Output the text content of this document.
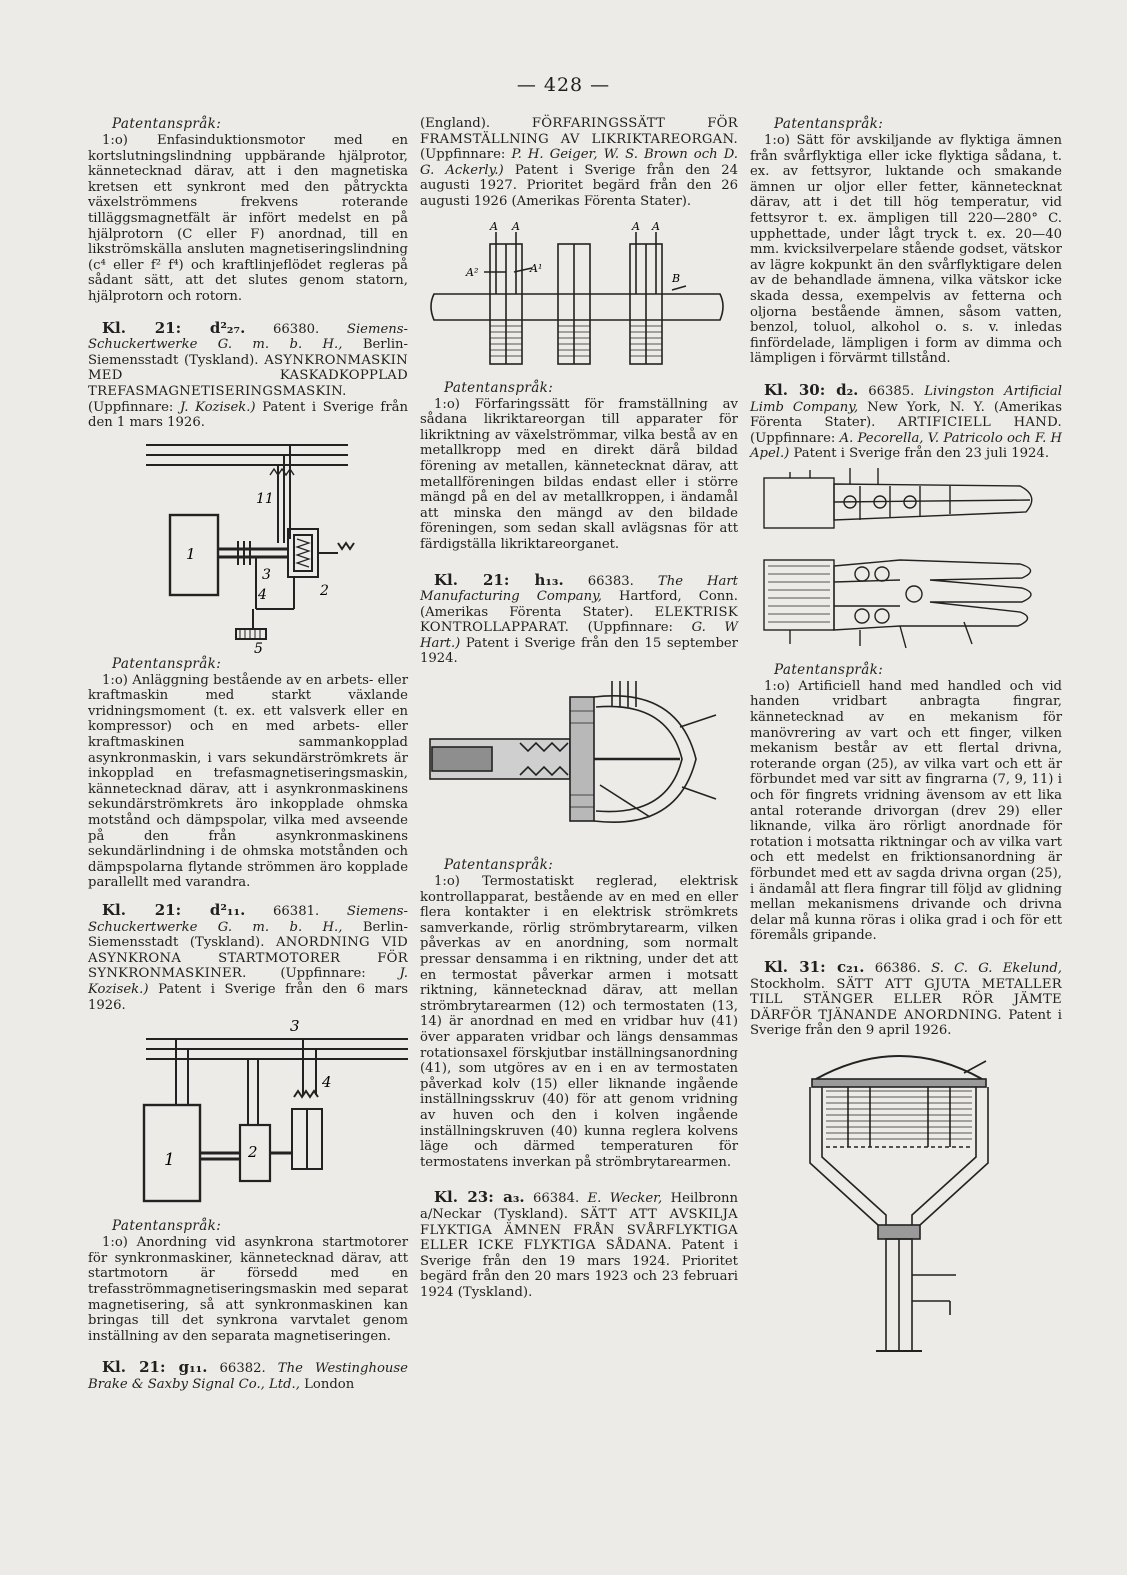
— 428 —
Patentanspråk:

1:o) Enfasinduktionsmotor med en kortslutningslindning uppbärande hjälprotor, kännetecknad därav, att i den magnetiska kretsen ett synkront med den påtryckta växelströmmens frekvens roterande tilläggsmagnetfält är infört medelst en på hjälprotorn (C eller F) anordnad, till en likströmskälla ansluten magnetiseringslindning (c⁴ eller f² f⁴) och kraftlinjeflödet regleras på sådant sätt, att det slutes genom statorn, hjälprotorn och rotorn.

Kl. 21: d²₂₇. 66380. Siemens-Schuckertwerke G. m. b. H., Berlin-Siemensstadt (Tyskland). ASYNKRONMASKIN MED KASKADKOPPLAD TREFASMAGNETISERINGSMASKIN. (Uppfinnare: J. Kozisek.) Patent i Sverige från den 1 mars 1926.

1
2
3
4
5
11
Patentanspråk:

1:o) Anläggning bestående av en arbets- eller kraftmaskin med starkt växlande vridningsmoment (t. ex. ett valsverk eller en kompressor) och en med arbets- eller kraftmaskinen sammankopplad asynkronmaskin, i vars sekundärströmkrets är inkopplad en trefasmagnetiseringsmaskin, kännetecknad därav, att i asynkronmaskinens sekundärströmkrets äro inkopplade ohmska motstånd och dämpspolar, vilka med avseende på den från asynkronmaskinens sekundärlindning i de ohmska motstånden och dämpspolarna flytande strömmen äro kopplade parallellt med varandra.

Kl. 21: d²₁₁. 66381. Siemens-Schuckertwerke G. m. b. H., Berlin-Siemensstadt (Tyskland). ANORDNING VID ASYNKRONA STARTMOTORER FÖR SYNKRONMASKINER.	(Uppfinnare:	J. Kozisek.) Patent i Sverige från den 6 mars 1926.

1	2
3
4
Patentanspråk:

1:o) Anordning vid asynkrona startmotorer för synkronmaskiner, kännetecknad därav, att startmotorn är försedd med en trefasströmmagnetiseringsmaskin med separat magnetisering, så att synkronmaskinen kan bringas till det synkrona varvtalet genom inställning av den separata magnetiseringen.

Kl. 21: g₁₁. 66382. The Westinghouse Brake & Saxby Signal Co., Ltd., London

(England).	FÖRFARINGSSÄTT FÖR FRAMSTÄLLNING AV LIKRIKTAREORGAN. (Uppfinnare: P. H. Geiger, W. S. Brown och D. G. Ackerly.) Patent i Sverige från den 24 augusti 1927. Prioritet begärd från den 26 augusti 1926 (Amerikas Förenta Stater).

A A	A A
A²	A¹
B
Patentanspråk:

1:o) Förfaringssätt för framställning av sådana likriktareorgan till apparater för likriktning av växelströmmar, vilka bestå av en metallkropp med en direkt därå bildad förening av metallen, kännetecknat därav, att metallföreningen bildas endast eller i större mängd på en del av metallkroppen, i ändamål att minska den mängd av den bildade föreningen, som sedan skall avlägsnas för att färdigställa likriktareorganet.

Kl. 21: h₁₃. 66383. The Hart Manufacturing Company, Hartford, Conn. (Amerikas Förenta Stater). ELEKTRISK KONTROLLAPPARAT. (Uppfinnare: G. W Hart.) Patent i Sverige från den 15 september 1924.

Patentanspråk:

1:o) Termostatiskt reglerad, elektrisk kontrollapparat, bestående av en med en eller flera kontakter i en elektrisk strömkrets samverkande, rörlig strömbrytarearm, vilken påverkas av en anordning, som normalt pressar densamma i en riktning, under det att en termostat påverkar armen i motsatt riktning, kännetecknad därav, att mellan strömbrytarearmen (12) och termostaten (13, 14) är anordnad en med en vridbar huv (41) över apparaten vridbar och längs densammas rotationsaxel förskjutbar inställningsanordning (41), som utgöres av en i en av termostaten påverkad kolv (15) eller liknande ingående inställningsskruv (40) för att genom vridning av huven och den i kolven ingående inställningskruven (40) kunna reglera kolvens läge och därmed temperaturen för termostatens inverkan på strömbrytarearmen.

Kl. 23: a₃. 66384. E. Wecker, Heilbronn a/Neckar (Tyskland). SÄTT ATT AVSKILJA FLYKTIGA ÄMNEN FRÅN SVÅRFLYKTIGA ELLER ICKE FLYKTIGA SÅDANA. Patent i Sverige från den 19 mars 1924. Prioritet begärd från den 20 mars 1923 och 23 februari 1924 (Tyskland).

Patentanspråk:

1:o) Sätt för avskiljande av flyktiga ämnen från svårflyktiga eller icke flyktiga sådana, t. ex. av fettsyror, luktande och smakande ämnen ur oljor eller fetter, kännetecknat därav, att i det till hög temperatur, vid fettsyror t. ex. ämpligen till 220—280° C. upphettade, under lågt tryck t. ex. 20—40 mm. kvicksilverpelare stående godset, vätskor av lägre kokpunkt än den svårflyktigare delen av de behandlade ämnena, vilka vätskor icke skada dessa, exempelvis av fetterna och oljorna bestående ämnen, såsom vatten, benzol, toluol, alkohol o. s. v. inledas finfördelade, lämpligen i form av dimma och lämpligen i förvärmt tillstånd.

Kl. 30: d₂. 66385. Livingston Artificial Limb Company, New York, N. Y. (Amerikas Förenta Stater). ARTIFICIELL HAND. (Uppfinnare: A. Pecorella, V. Patricolo och F. H Apel.) Patent i Sverige från den 23 juli 1924.

Patentanspråk:

1:o) Artificiell hand med handled och vid handen vridbart anbragta fingrar, kännetecknad av en mekanism för manövrering av vart och ett finger, vilken mekanism består av ett flertal drivna, roterande organ (25), av vilka vart och ett är förbundet med var sitt av fingrarna (7, 9, 11) i och för fingrets vridning ävensom av ett lika antal roterande drivorgan (drev 29) eller liknande, vilka äro rörligt anordnade för rotation i motsatta riktningar och av vilka vart och ett medelst en friktionsanordning är förbundet med ett av sagda drivna organ (25), i ändamål att flera fingrar till följd av glidning mellan mekanismens drivande och drivna delar må kunna röras i olika grad i och för ett föremåls gripande.

Kl. 31: c₂₁. 66386. S. C. G. Ekelund, Stockholm. SÄTT ATT GJUTA METALLER TILL STÄNGER ELLER RÖR JÄMTE DÄRFÖR TJÄNANDE ANORDNING. Patent i Sverige från den 9 april 1926.
